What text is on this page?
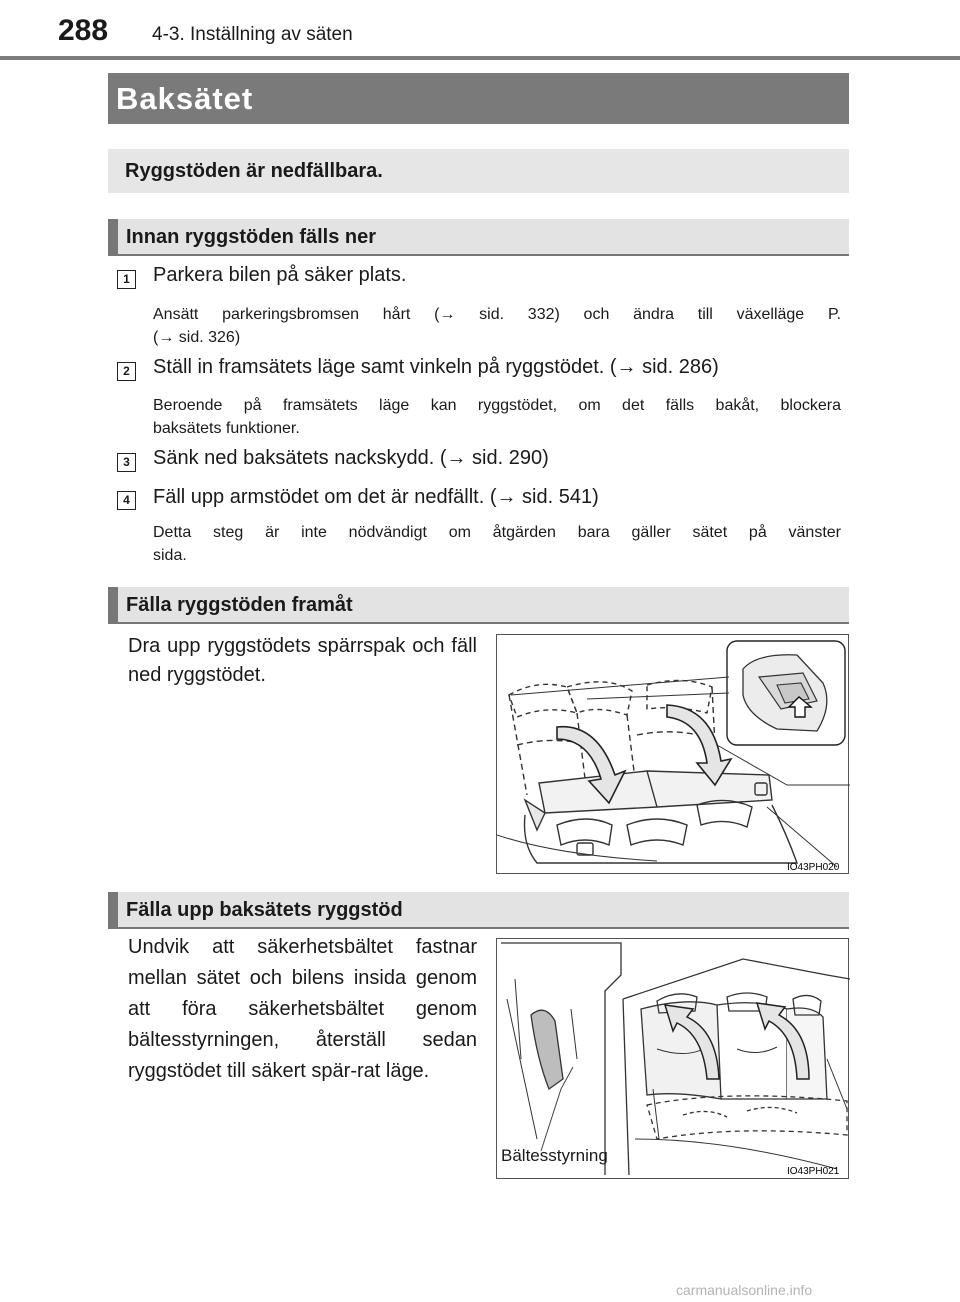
288 4-3. Inställning av säten
Baksätet
Ryggstöden är nedfällbara.
Innan ryggstöden fälls ner
1	Parkera bilen på säker plats.
Ansätt parkeringsbromsen hårt (→ sid. 332) och ändra till växelläge P.
(→ sid. 326)
2	Ställ in framsätets läge samt vinkeln på ryggstödet. (→ sid. 286)
Beroende på framsätets läge kan ryggstödet, om det fälls bakåt, blockera
baksätets funktioner.
3	Sänk ned baksätets nackskydd. (→ sid. 290)
4	Fäll upp armstödet om det är nedfällt. (→ sid. 541)
Detta steg är inte nödvändigt om åtgärden bara gäller sätet på vänster
sida.
Fälla ryggstöden framåt
Dra upp ryggstödets spärrspak och fäll ned ryggstödet.
IO43PH020
Fälla upp baksätets ryggstöd
Undvik att säkerhetsbältet fastnar mellan sätet och bilens insida genom att föra säkerhetsbältet genom bältesstyrningen, återställ sedan ryggstödet till säkert spär-rat läge.
IO43PH021
Bältesstyrning
carmanualsonline.info
